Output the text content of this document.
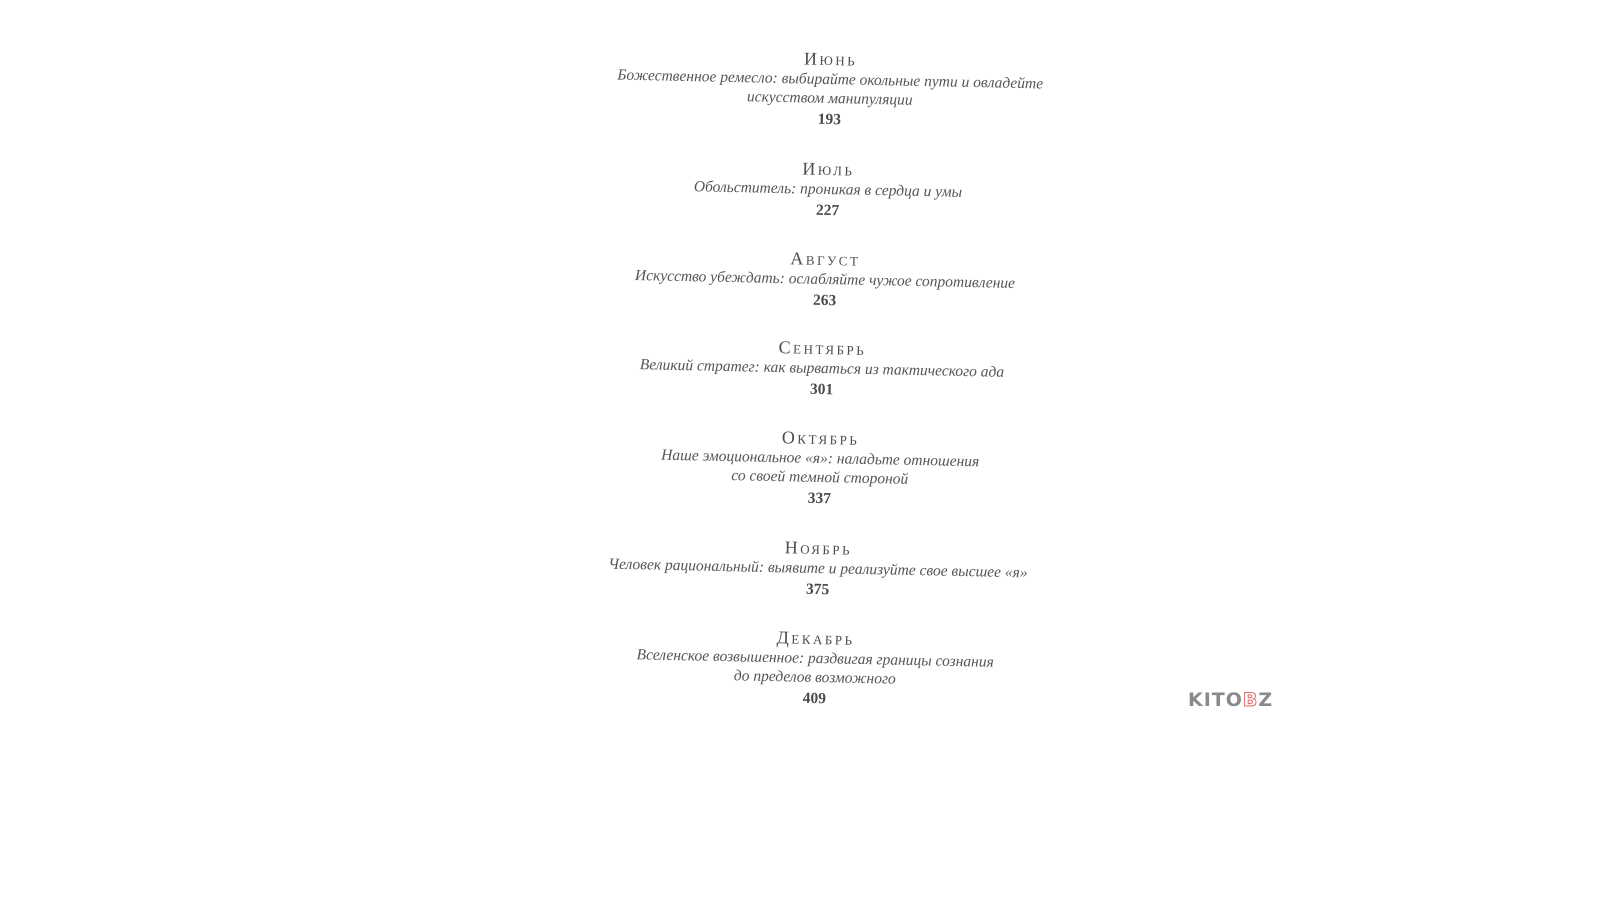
Июнь
Божественное ремесло: выбирайте окольные пути и овладейте
искусством манипуляции
193
Июль
Обольститель: проникая в сердца и умы
227
Август
Искусство убеждать: ослабляйте чужое сопротивление
263
Сентябрь
Великий стратег: как вырваться из тактического ада
301
Октябрь
Наше эмоциональное «я»: наладьте отношения
со своей темной стороной
337
Ноябрь
Человек рациональный: выявите и реализуйте свое высшее «я»
375
Декабрь
Вселенское возвышенное: раздвигая границы сознания
до пределов возможного
409	KITOBZ
